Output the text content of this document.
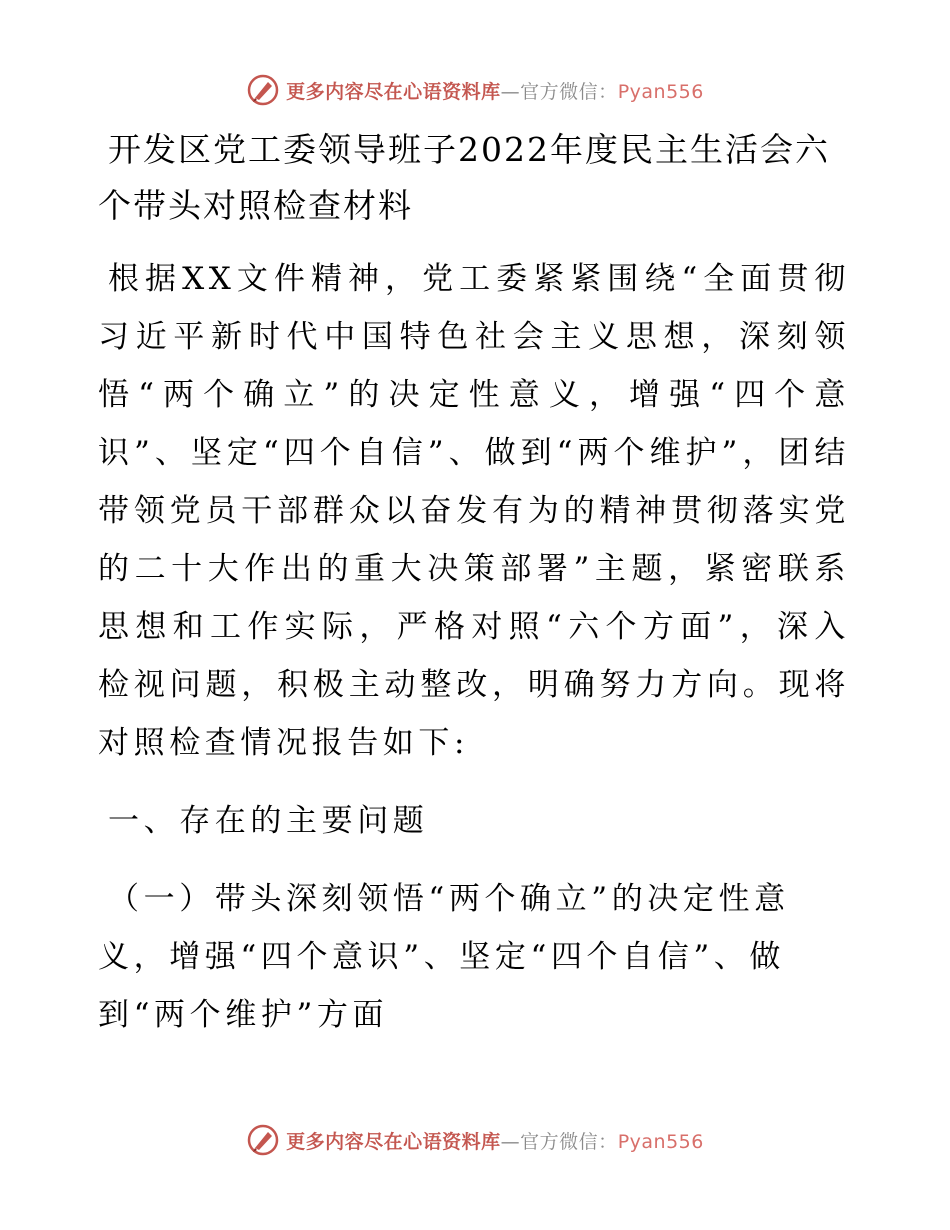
更多内容尽在心语资料库—官方微信：Pyan556
开发区党工委领导班子2022年度民主生活会六个带头对照检查材料

根据XX文件精神，党工委紧紧围绕“全面贯彻习近平新时代中国特色社会主义思想，深刻领悟“两个确立”的决定性意义，增强“四个意识”、坚定“四个自信”、做到“两个维护”，团结带领党员干部群众以奋发有为的精神贯彻落实党的二十大作出的重大决策部署”主题，紧密联系思想和工作实际，严格对照“六个方面”，深入检视问题，积极主动整改，明确努力方向。现将对照检查情况报告如下:

一、存在的主要问题
（一）带头深刻领悟“两个确立”的决定性意义，增强“四个意识”、坚定“四个自信”、做到“两个维护”方面
更多内容尽在心语资料库—官方微信：Pyan556
